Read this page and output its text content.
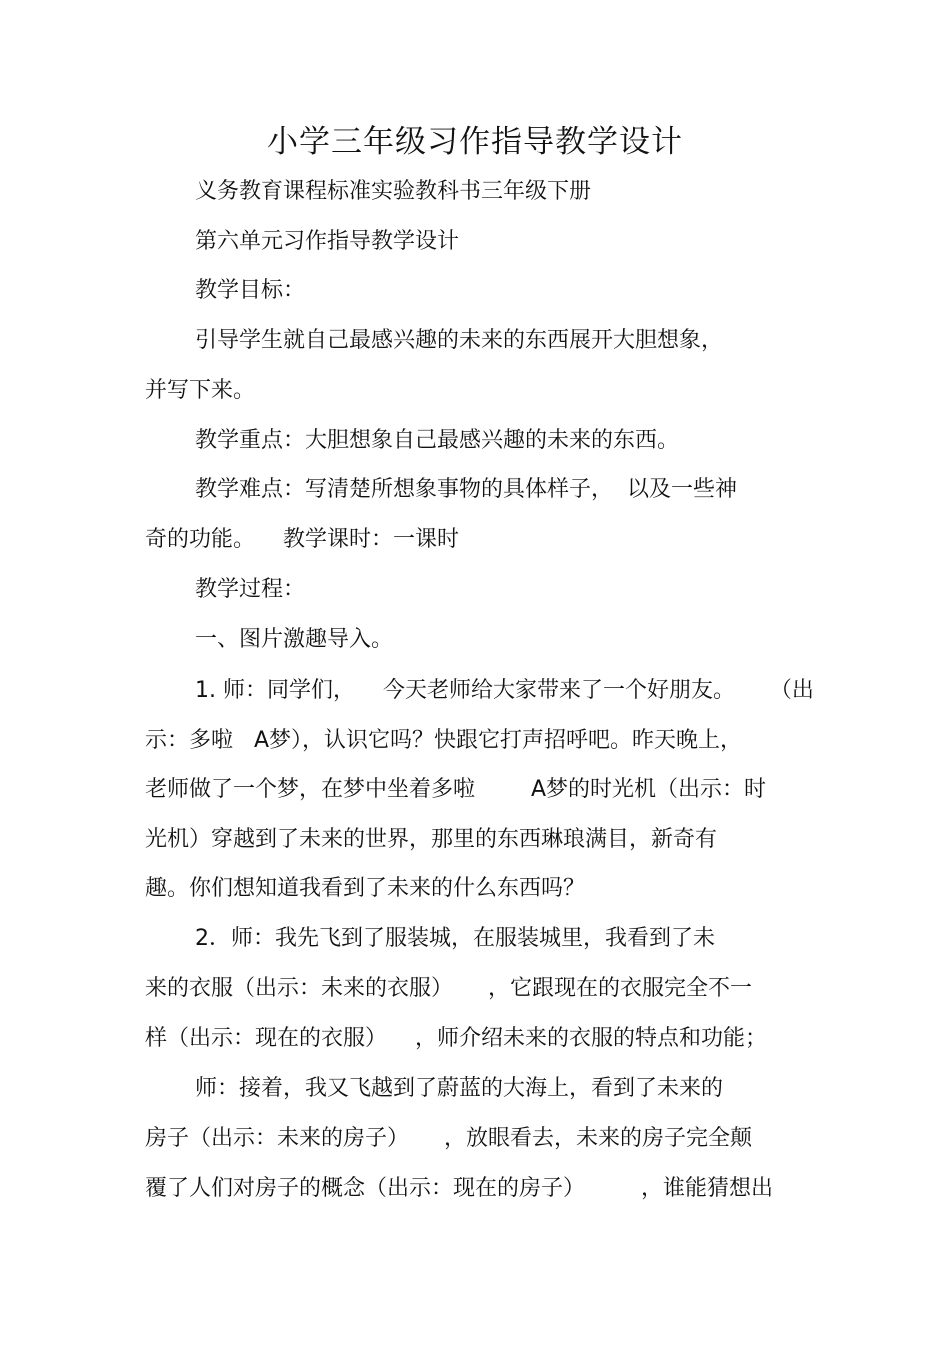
小学三年级习作指导教学设计
义务教育课程标准实验教科书三年级下册
第六单元习作指导教学设计
教学目标：
引导学生就自己最感兴趣的未来的东西展开大胆想象，
并写下来。
教学重点：大胆想象自己最感兴趣的未来的东西。
教学难点：写清楚所想象事物的具体样子，  以及一些神
奇的功能。    教学课时：一课时
教学过程：
一、图片激趣导入。
1. 师：同学们，    今天老师给大家带来了一个好朋友。     （出
示：多啦   A梦），认识它吗？快跟它打声招呼吧。昨天晚上，
老师做了一个梦，在梦中坐着多啦        A梦的时光机（出示：时
光机）穿越到了未来的世界，那里的东西琳琅满目，新奇有
趣。你们想知道我看到了未来的什么东西吗？
2．师：我先飞到了服装城，在服装城里，我看到了未
来的衣服（出示：未来的衣服）     ，它跟现在的衣服完全不一
样（出示：现在的衣服）    ，师介绍未来的衣服的特点和功能；
师：接着，我又飞越到了蔚蓝的大海上，看到了未来的
房子（出示：未来的房子）     ，放眼看去，未来的房子完全颠
覆了人们对房子的概念（出示：现在的房子）        ，谁能猜想出
